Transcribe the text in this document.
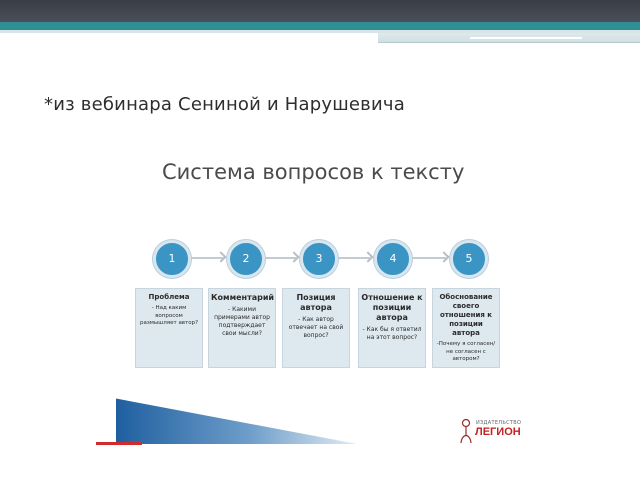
*из вебинара Сениной и Нарушевича
Система вопросов к тексту
1	2	3	4	5
Проблема
- Над каким вопросом размышляет автор?
Комментарий
- Какими примерами автор подтверждает свои мысли?
Позиция автора
- Как автор отвечает на свой вопрос?
Отношение к позиции автора
- Как бы я ответил на этот вопрос?
Обоснование своего отношения к позиции автора
-Почему я согласен/не согласен с автором?
ИЗДАТЕЛЬСТВО
ЛЕГИОН
